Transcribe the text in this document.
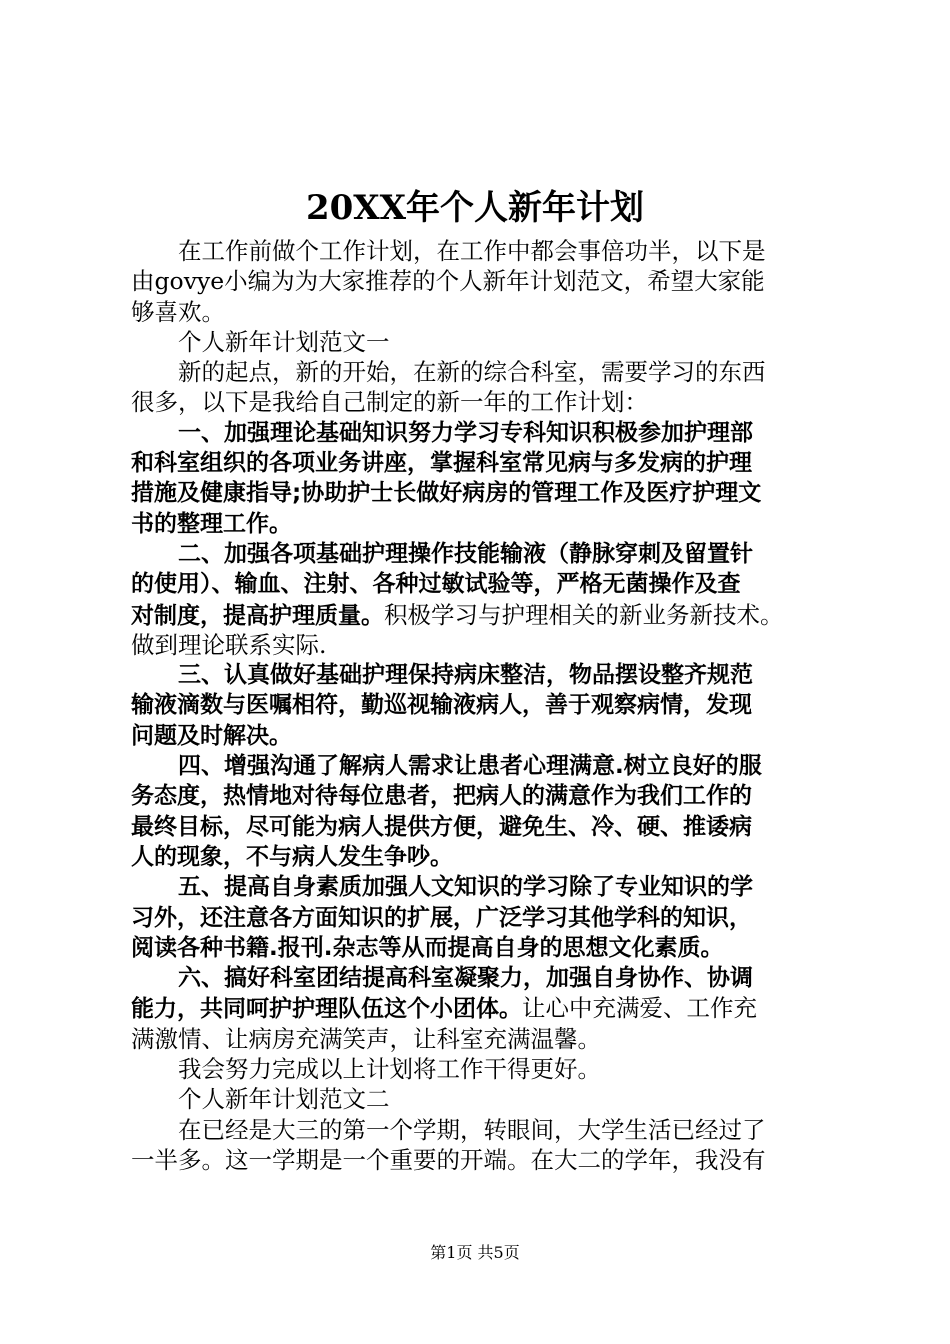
20XX年个人新年计划
在工作前做个工作计划，在工作中都会事倍功半，以下是
由govye小编为为大家推荐的个人新年计划范文，希望大家能
够喜欢。
个人新年计划范文一
新的起点，新的开始，在新的综合科室，需要学习的东西
很多，以下是我给自己制定的新一年的工作计划：
一、加强理论基础知识努力学习专科知识积极参加护理部
和科室组织的各项业务讲座，掌握科室常见病与多发病的护理
措施及健康指导;协助护士长做好病房的管理工作及医疗护理文
书的整理工作。
二、加强各项基础护理操作技能输液（静脉穿刺及留置针
的使用）、输血、注射、各种过敏试验等，严格无菌操作及查
对制度，提高护理质量。积极学习与护理相关的新业务新技术。
做到理论联系实际.
三、认真做好基础护理保持病床整洁，物品摆设整齐规范
输液滴数与医嘱相符，勤巡视输液病人，善于观察病情，发现
问题及时解决。
四、增强沟通了解病人需求让患者心理满意.树立良好的服
务态度，热情地对待每位患者，把病人的满意作为我们工作的
最终目标，尽可能为病人提供方便，避免生、冷、硬、推诿病
人的现象，不与病人发生争吵。
五、提高自身素质加强人文知识的学习除了专业知识的学
习外，还注意各方面知识的扩展，广泛学习其他学科的知识，
阅读各种书籍.报刊.杂志等从而提高自身的思想文化素质。
六、搞好科室团结提高科室凝聚力，加强自身协作、协调
能力，共同呵护护理队伍这个小团体。让心中充满爱、工作充
满激情、让病房充满笑声，让科室充满温馨。
我会努力完成以上计划将工作干得更好。
个人新年计划范文二
在已经是大三的第一个学期，转眼间，大学生活已经过了
一半多。这一学期是一个重要的开端。在大二的学年，我没有
第1页 共5页
